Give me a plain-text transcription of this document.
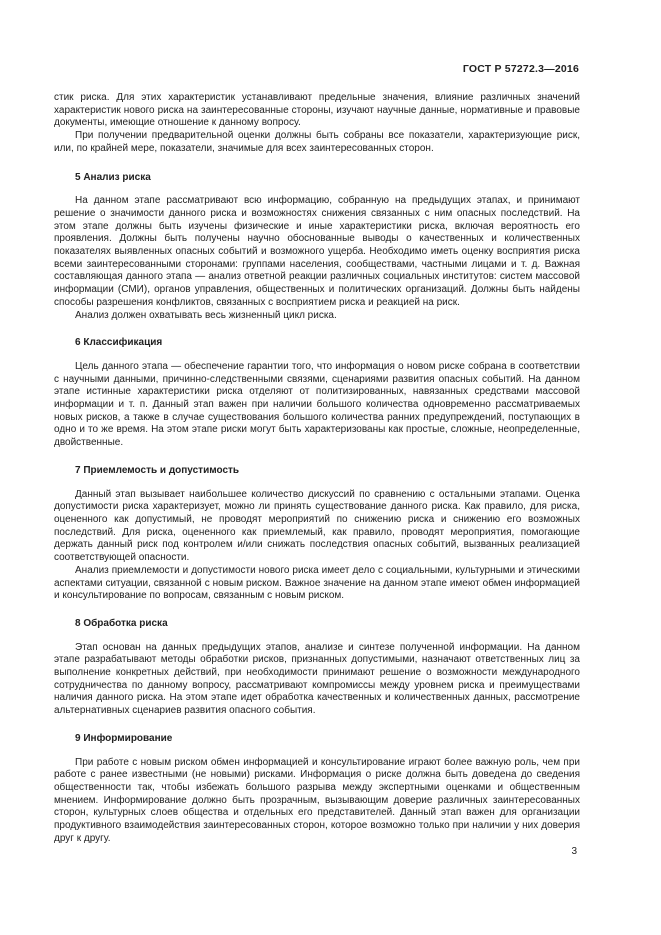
ГОСТ Р 57272.3—2016

стик риска. Для этих характеристик устанавливают предельные значения, влияние различных значений характеристик нового риска на заинтересованные стороны, изучают научные данные, нормативные и правовые документы, имеющие отношение к данному вопросу.

При получении предварительной оценки должны быть собраны все показатели, характеризующие риск, или, по крайней мере, показатели, значимые для всех заинтересованных сторон.

5 Анализ риска

На данном этапе рассматривают всю информацию, собранную на предыдущих этапах, и принимают решение о значимости данного риска и возможностях снижения связанных с ним опасных последствий. На этом этапе должны быть изучены физические и иные характеристики риска, включая вероятность его проявления. Должны быть получены научно обоснованные выводы о качественных и количественных показателях выявленных опасных событий и возможного ущерба. Необходимо иметь оценку восприятия риска всеми заинтересованными сторонами: группами населения, сообществами, частными лицами и т. д. Важная составляющая данного этапа — анализ ответной реакции различных социальных институтов: систем массовой информации (СМИ), органов управления, общественных и политических организаций. Должны быть найдены способы разрешения конфликтов, связанных с восприятием риска и реакцией на риск.

Анализ должен охватывать весь жизненный цикл риска.

6 Классификация

Цель данного этапа — обеспечение гарантии того, что информация о новом риске собрана в соответствии с научными данными, причинно-следственными связями, сценариями развития опасных событий. На данном этапе истинные характеристики риска отделяют от политизированных, навязанных средствами массовой информации и т. п. Данный этап важен при наличии большого количества одновременно рассматриваемых новых рисков, а также в случае существования большого количества ранних предупреждений, поступающих в одно и то же время. На этом этапе риски могут быть характеризованы как простые, сложные, неопределенные, двойственные.

7 Приемлемость и допустимость

Данный этап вызывает наибольшее количество дискуссий по сравнению с остальными этапами. Оценка допустимости риска характеризует, можно ли принять существование данного риска. Как правило, для риска, оцененного как допустимый, не проводят мероприятий по снижению риска и снижению его возможных последствий. Для риска, оцененного как приемлемый, как правило, проводят мероприятия, помогающие держать данный риск под контролем и/или снижать последствия опасных событий, вызванных реализацией соответствующей опасности.

Анализ приемлемости и допустимости нового риска имеет дело с социальными, культурными и этическими аспектами ситуации, связанной с новым риском. Важное значение на данном этапе имеют обмен информацией и консультирование по вопросам, связанным с новым риском.

8 Обработка риска

Этап основан на данных предыдущих этапов, анализе и синтезе полученной информации. На данном этапе разрабатывают методы обработки рисков, признанных допустимыми, назначают ответственных лиц за выполнение конкретных действий, при необходимости принимают решение о возможности международного сотрудничества по данному вопросу, рассматривают компромиссы между уровнем риска и преимуществами наличия данного риска. На этом этапе идет обработка качественных и количественных данных, рассмотрение альтернативных сценариев развития опасного события.

9 Информирование

При работе с новым риском обмен информацией и консультирование играют более важную роль, чем при работе с ранее известными (не новыми) рисками. Информация о риске должна быть доведена до сведения общественности так, чтобы избежать большого разрыва между экспертными оценками и общественным мнением. Информирование должно быть прозрачным, вызывающим доверие различных заинтересованных сторон, культурных слоев общества и отдельных его представителей. Данный этап важен для организации продуктивного взаимодействия заинтересованных сторон, которое возможно только при наличии у них доверия друг к другу.

3
